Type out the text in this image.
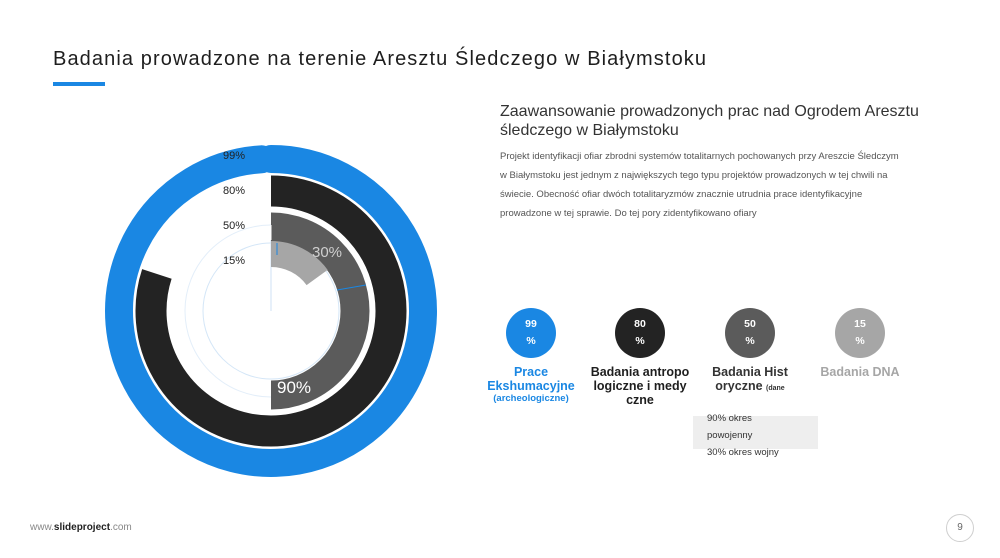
Badania prowadzone na terenie Aresztu Śledczego w Białymstoku
30%
90%
99%
80%
50%
15%
Zaawansowanie prowadzonych prac nad Ogrodem Aresztu śledczego w Białymstoku
Projekt identyfikacji ofiar zbrodni systemów totalitarnych pochowanych przy Areszcie Śledczym w Białymstoku jest jednym z największych tego typu projektów prowadzonych w tej chwili na świecie. Obecność ofiar dwóch totalitaryzmów znacznie utrudnia prace identyfikacyjne prowadzone w tej sprawie. Do tej pory zidentyfikowano ofiary
99
%
80
%
50
%
15
%
Prace Ekshumacyjne
(archeologiczne)
Badania antropologiczne i medyczne
Badania Historyczne (dane
Badania DNA
90% okres
powojenny
30% okres wojny
www.slideproject.com	9
